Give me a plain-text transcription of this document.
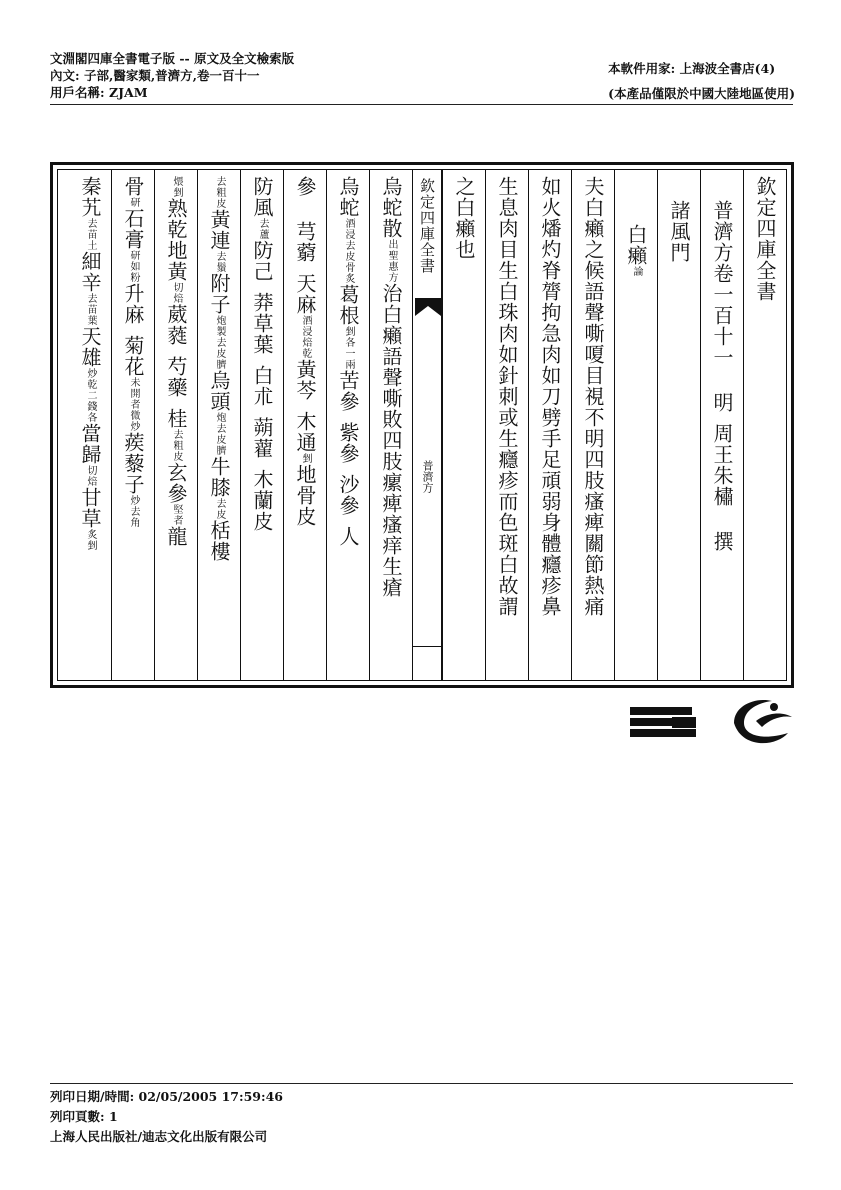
文淵閣四庫全書電子版 -- 原文及全文檢索版
內文: 子部,醫家類,普濟方,卷一百十一
用戶名稱: ZJAM
本軟件用家: 上海波全書店(4)
(本產品僅限於中國大陸地區使用)
欽定四庫全書
普濟方卷一百十一明周王朱橚撰
諸風門
白癩論
夫白癩之候語聲嘶嗄目視不明四肢瘙痺關節熱痛
如火燔灼脊膂拘急肉如刀劈手足頑弱身體癮疹鼻
生息肉目生白珠肉如針刺或生癮疹而色斑白故謂
之白癩也
欽定四庫全書
普濟方
烏蛇散出聖惠方治白癩語聲嘶敗四肢瘰痺瘙痒生瘡
烏蛇酒浸去皮骨炙葛根剉各一兩苦參紫參沙參人
參芎藭天麻酒浸焙乾黃芩木通剉地骨皮
防風去蘆防己莽草葉白朮蒴藋木蘭皮
去粗皮黃連去鬚附子炮製去皮臍烏頭炮去皮臍牛膝去皮栝樓
煨剉熟乾地黃切焙葳蕤芍藥桂去粗皮玄參堅者龍
骨研石膏研如粉升麻菊花未開者微炒蒺藜子炒去角
秦艽去苗土細辛去苗葉天雄炒乾二錢各當歸切焙甘草炙剉
列印日期/時間: 02/05/2005 17:59:46
列印頁數: 1
上海人民出版社/迪志文化出版有限公司
